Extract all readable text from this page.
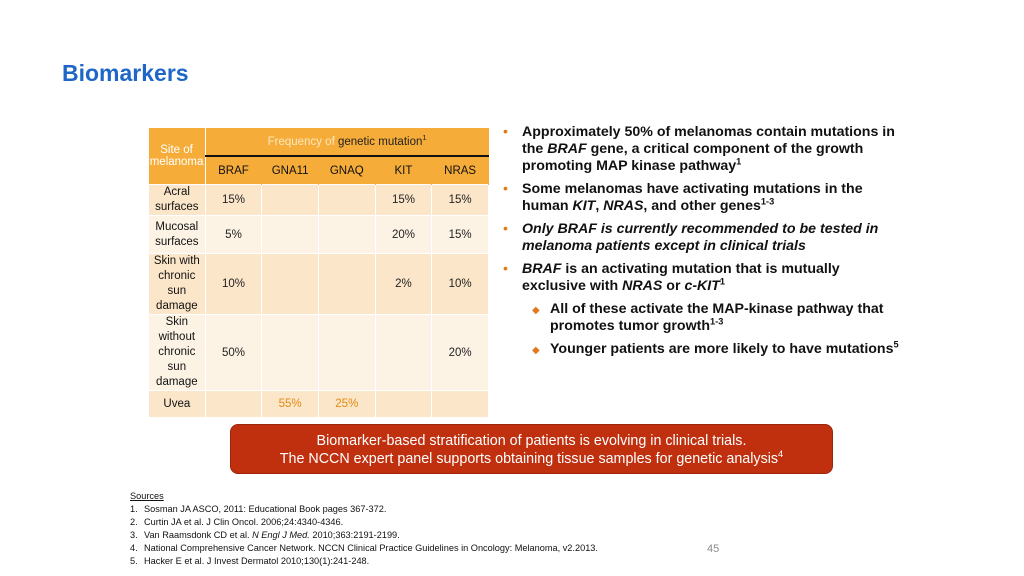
Biomarkers
Site of melanoma	Frequency of genetic mutation$^1$
	BRAF	GNA11	GNAQ	KIT	NRAS
Acral surfaces	15%			15%	15%
Mucosal surfaces	5%			20%	15%
Skin with chronic sun damage	10%			2%	10%
Skin without chronic sun damage	50%				20%
Uvea		55%	25%		
• Approximately 50% of melanomas contain mutations in the BRAF gene, a critical component of the growth promoting MAP kinase pathway$^1$
• Some melanomas have activating mutations in the human KIT, NRAS, and other genes$^{1-3}$
• Only BRAF is currently recommended to be tested in melanoma patients except in clinical trials
• BRAF is an activating mutation that is mutually exclusive with NRAS or c-KIT$^1$
◆ All of these activate the MAP-kinase pathway that promotes tumor growth$^{1-3}$
◆ Younger patients are more likely to have mutations$^5$
Biomarker-based stratification of patients is evolving in clinical trials.
The NCCN expert panel supports obtaining tissue samples for genetic analysis$^4$
Sources
1. Sosman JA ASCO, 2011: Educational Book pages 367-372.
2. Curtin JA et al. J Clin Oncol. 2006;24:4340-4346.
3. Van Raamsdonk CD et al. N Engl J Med. 2010;363:2191-2199.
4. National Comprehensive Cancer Network. NCCN Clinical Practice Guidelines in Oncology: Melanoma, v2.2013.
5. Hacker E et al. J Invest Dermatol 2010;130(1):241-248.
45
